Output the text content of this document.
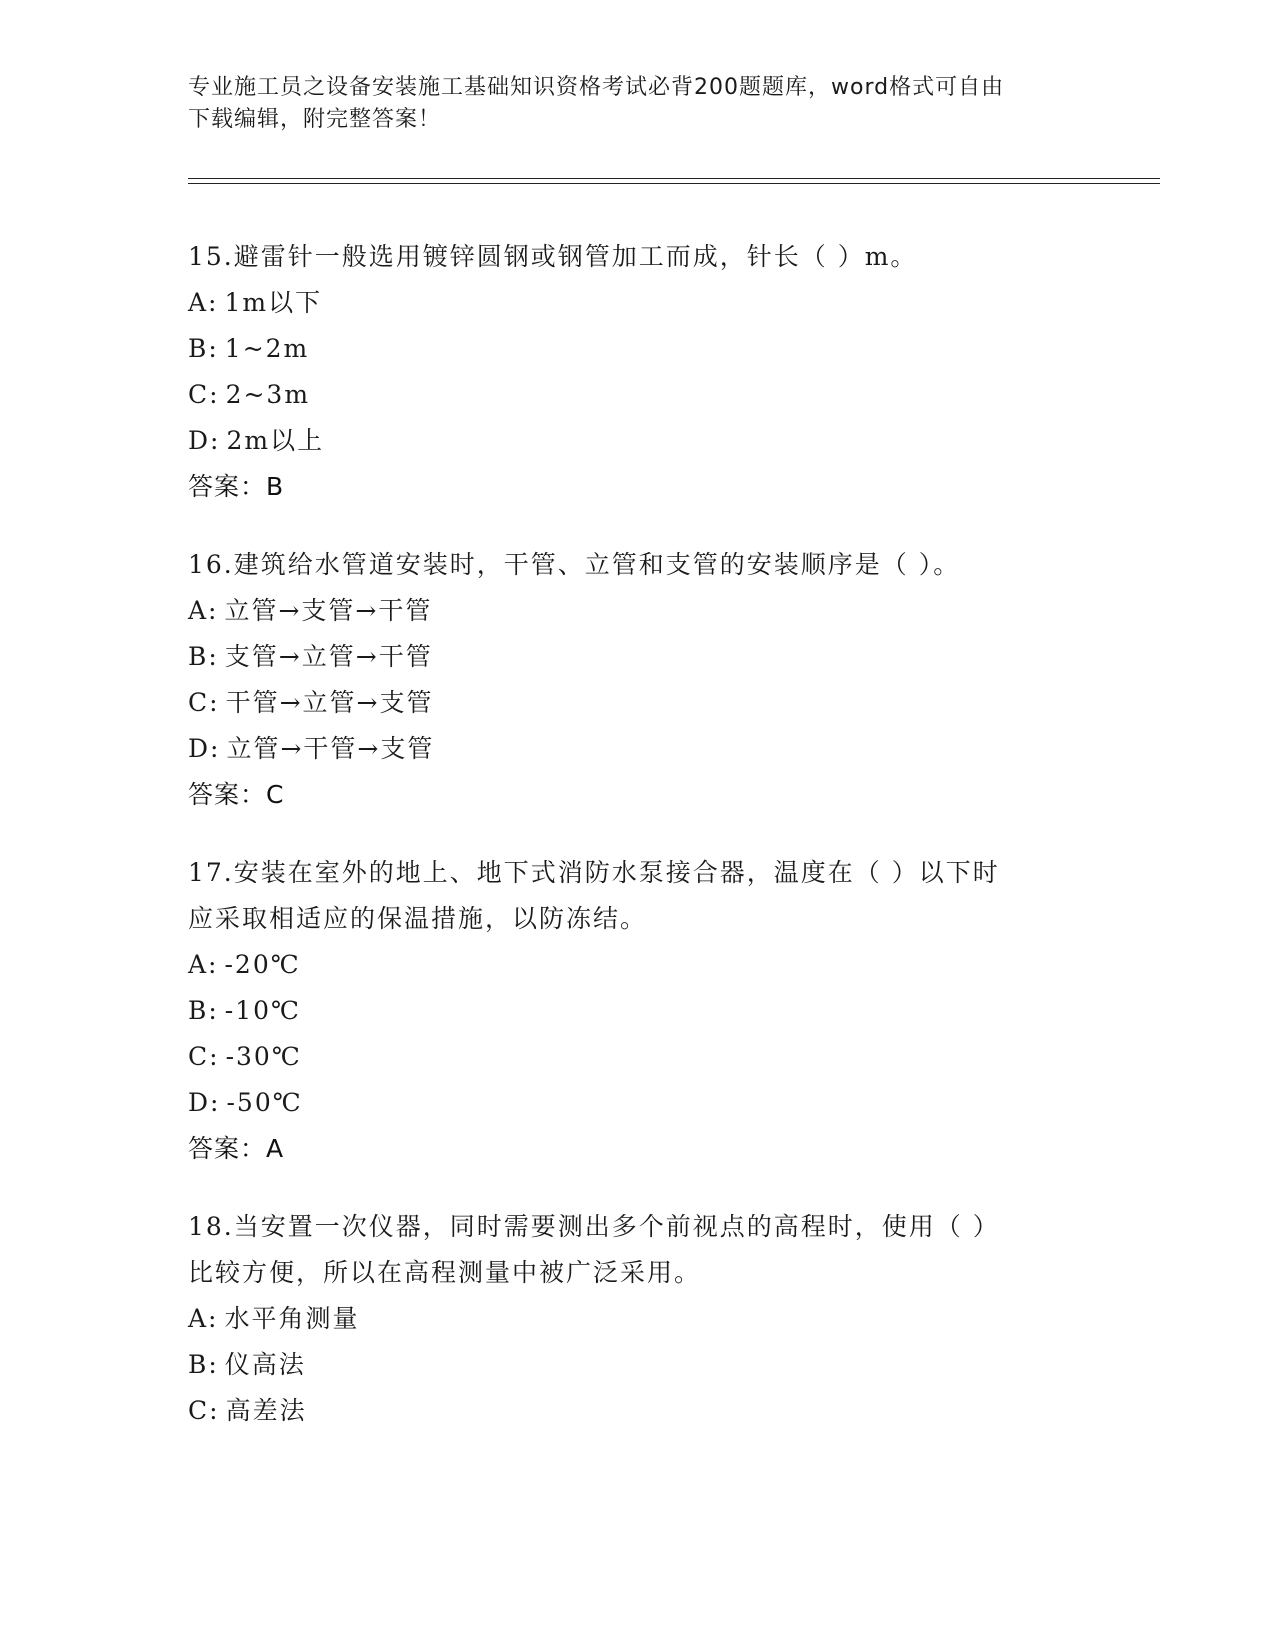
专业施工员之设备安装施工基础知识资格考试必背200题题库，word格式可自由
下载编辑，附完整答案！
15.避雷针一般选用镀锌圆钢或钢管加工而成，针长（ ）m。
A: 1m以下
B: 1~2m
C: 2~3m
D: 2m以上
答案：B
16.建筑给水管道安装时，干管、立管和支管的安装顺序是（ ）。
A: 立管→支管→干管
B: 支管→立管→干管
C: 干管→立管→支管
D: 立管→干管→支管
答案：C
17.安装在室外的地上、地下式消防水泵接合器，温度在（ ）以下时
应采取相适应的保温措施，以防冻结。
A: -20℃
B: -10℃
C: -30℃
D: -50℃
答案：A
18.当安置一次仪器，同时需要测出多个前视点的高程时，使用（ ）
比较方便，所以在高程测量中被广泛采用。
A: 水平角测量
B: 仪高法
C: 高差法
